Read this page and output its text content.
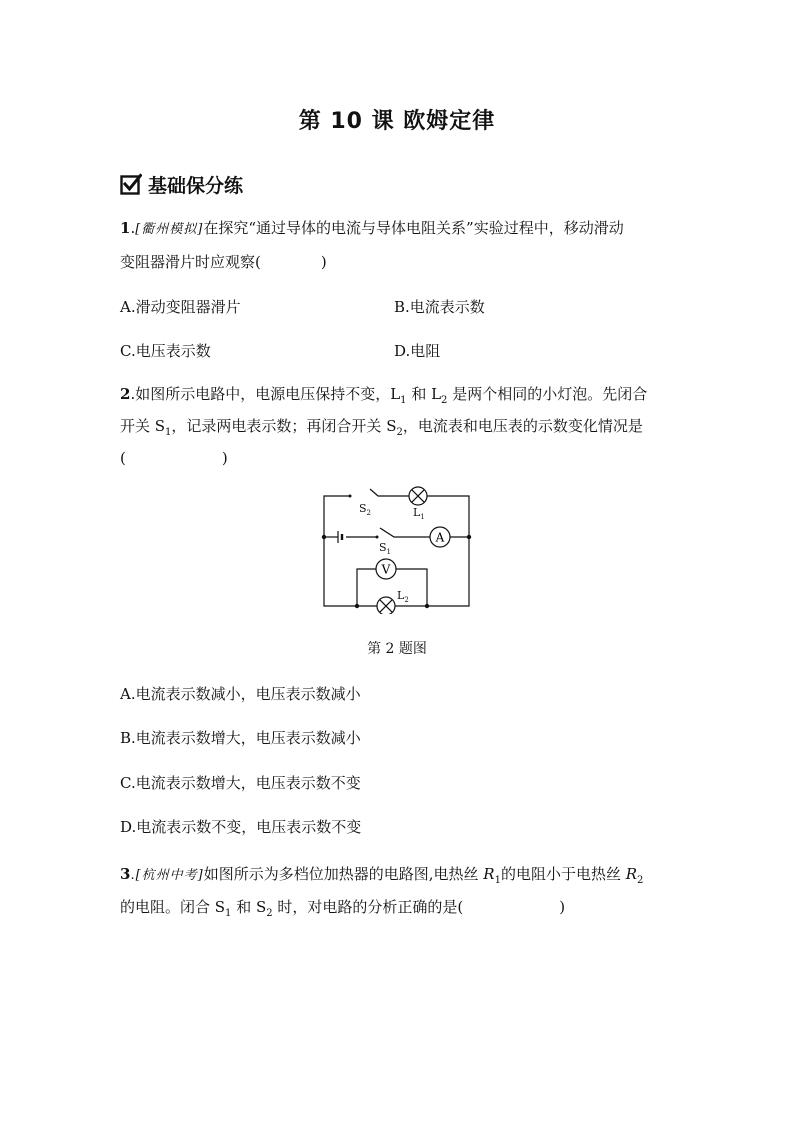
第 10 课 欧姆定律
基础保分练
1.[衢州模拟]在探究“通过导体的电流与导体电阻关系”实验过程中，移动滑动
变阻器滑片时应观察(	)
A.滑动变阻器滑片	B.电流表示数
C.电压表示数	D.电阻
2.如图所示电路中，电源电压保持不变，$L_1$ 和 $L_2$ 是两个相同的小灯泡。先闭合
开关 $S_1$，记录两电表示数；再闭合开关 $S_2$，电流表和电压表的示数变化情况是
(	)
A
V
$S_2$	$L_1$
$S_1$
$L_2$
第 2 题图
A.电流表示数减小，电压表示数减小
B.电流表示数增大，电压表示数减小
C.电流表示数增大，电压表示数不变
D.电流表示数不变，电压表示数不变
3.[杭州中考]如图所示为多档位加热器的电路图,电热丝 $R_1$的电阻小于电热丝 $R_2$
的电阻。闭合 $S_1$ 和 $S_2$ 时，对电路的分析正确的是(	)
